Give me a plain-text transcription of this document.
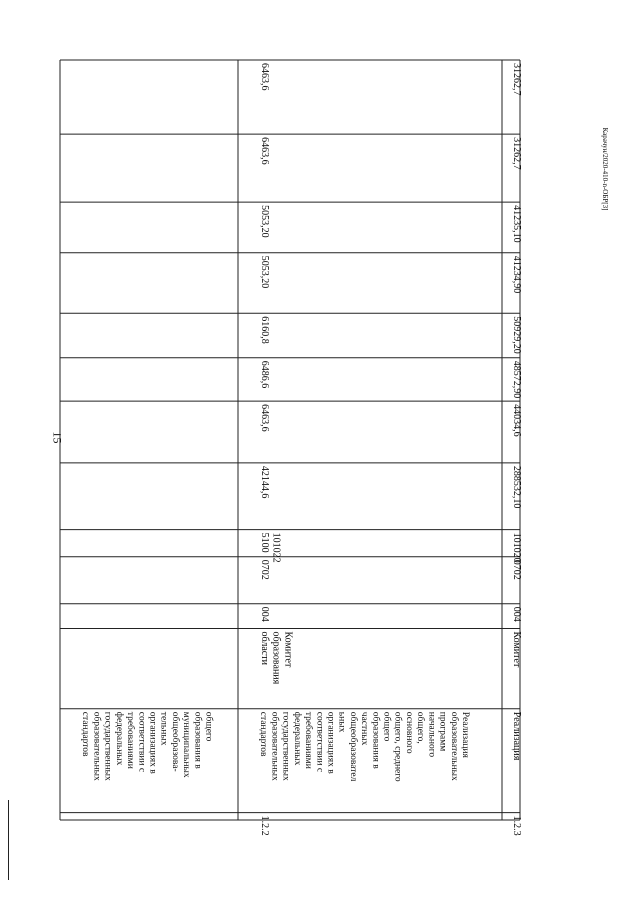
15
Карачун/2020-410-n-ОБР[3]
общего
образования в
муниципальных
общеобразова-
тельных
организациях в
соответствии с
требованиями
федеральных
государственных
образовательных
стандартов
1.2.2
Реализация
образовательных
программ
начального
общего,
основного
общего, среднего
общего
образования в
частных
общеобразовател
ьных
организациях в
соответствии с
требованиями
федеральных
государственных
образовательных
стандартов
Комитет
образования
области
004
0702
101022
5100
42144,6
6463,6
6486,6
6160,8
5053,20
5053,20
6463,6
6463,6
1.2.3
Реализация
Комитет
004
0702
101020
288532,10
44034,6
48572,90
50929,20
41234,90
41235,10
31262,7
31262,7
